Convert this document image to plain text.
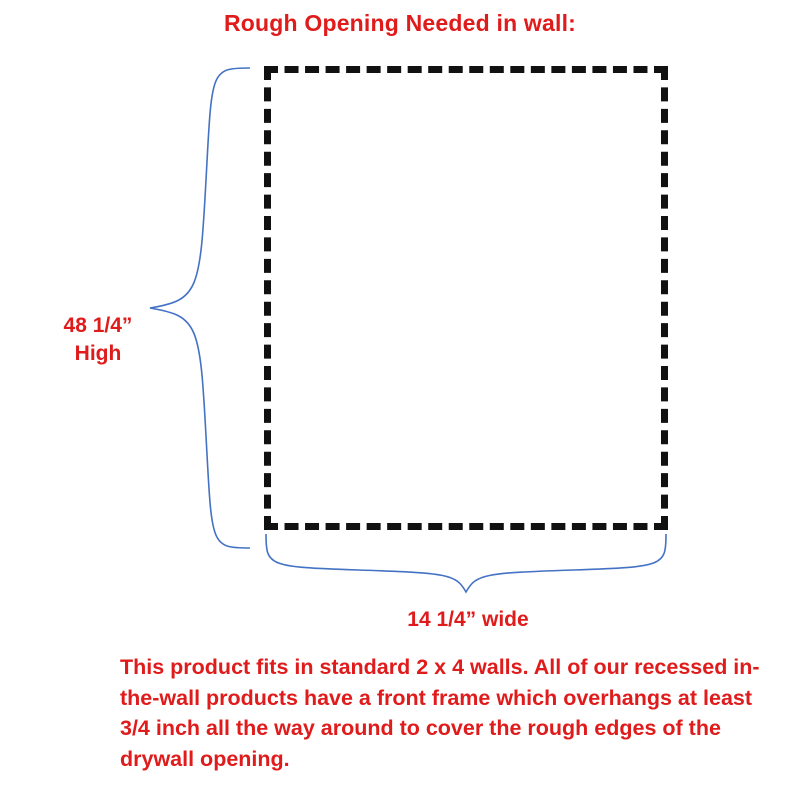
Rough Opening Needed in wall:
48 1/4”
High
14 1/4” wide
This product fits in standard 2 x 4 walls. All of our recessed in-the-wall products have a front frame which overhangs at least 3/4 inch all the way around to cover the rough edges of the drywall opening.
